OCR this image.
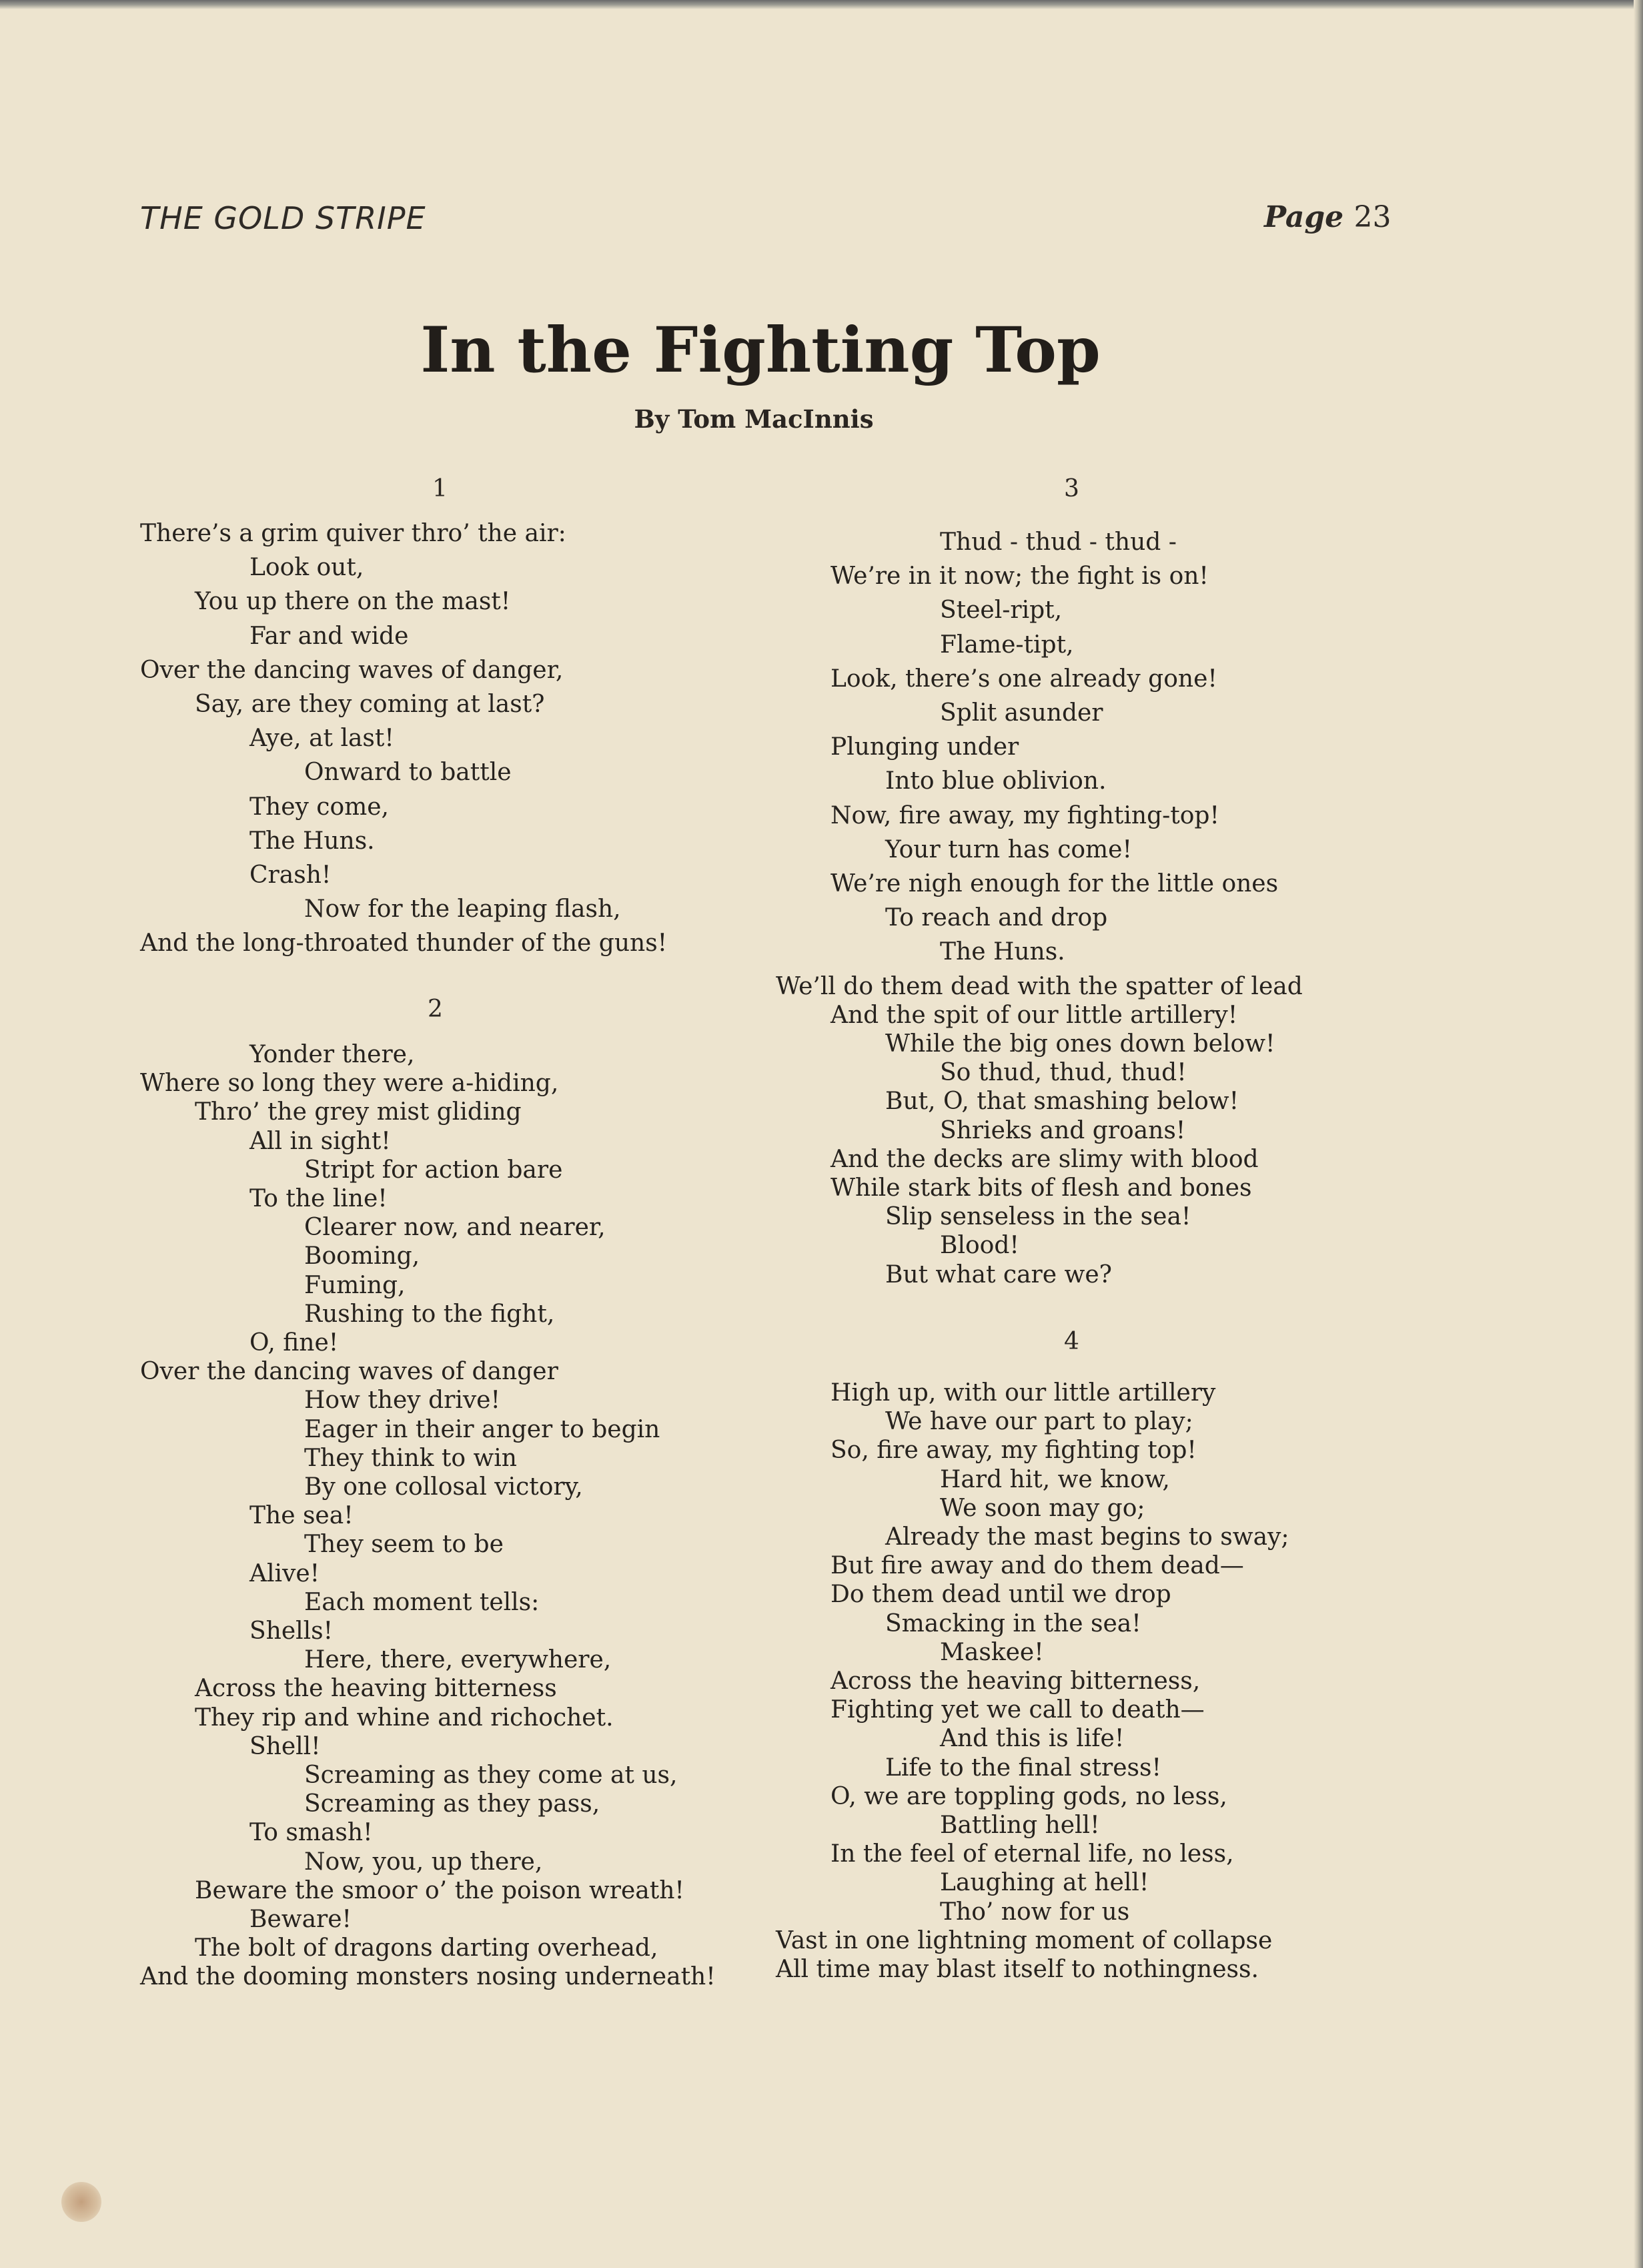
THE GOLD STRIPE	Page 23
In the Fighting Top
By Tom MacInnis
1
There’s a grim quiver thro’ the air:
Look out,
You up there on the mast!
Far and wide
Over the dancing waves of danger,
Say, are they coming at last?
Aye, at last!
Onward to battle
They come,
The Huns.
Crash!
Now for the leaping flash,
And the long-throated thunder of the guns!
2
Yonder there,
Where so long they were a-hiding,
Thro’ the grey mist gliding
All in sight!
Stript for action bare
To the line!
Clearer now, and nearer,
Booming,
Fuming,
Rushing to the fight,
O, fine!
Over the dancing waves of danger
How they drive!
Eager in their anger to begin
They think to win
By one collosal victory,
The sea!
They seem to be
Alive!
Each moment tells:
Shells!
Here, there, everywhere,
Across the heaving bitterness
They rip and whine and richochet.
Shell!
Screaming as they come at us,
Screaming as they pass,
To smash!
Now, you, up there,
Beware the smoor o’ the poison wreath!
Beware!
The bolt of dragons darting overhead,
And the dooming monsters nosing underneath!
3
Thud - thud - thud -
We’re in it now; the fight is on!
Steel-ript,
Flame-tipt,
Look, there’s one already gone!
Split asunder
Plunging under
Into blue oblivion.
Now, fire away, my fighting-top!
Your turn has come!
We’re nigh enough for the little ones
To reach and drop
The Huns.
We’ll do them dead with the spatter of lead
And the spit of our little artillery!
While the big ones down below!
So thud, thud, thud!
But, O, that smashing below!
Shrieks and groans!
And the decks are slimy with blood
While stark bits of flesh and bones
Slip senseless in the sea!
Blood!
But what care we?
4
High up, with our little artillery
We have our part to play;
So, fire away, my fighting top!
Hard hit, we know,
We soon may go;
Already the mast begins to sway;
But fire away and do them dead—
Do them dead until we drop
Smacking in the sea!
Maskee!
Across the heaving bitterness,
Fighting yet we call to death—
And this is life!
Life to the final stress!
O, we are toppling gods, no less,
Battling hell!
In the feel of eternal life, no less,
Laughing at hell!
Tho’ now for us
Vast in one lightning moment of collapse
All time may blast itself to nothingness.
